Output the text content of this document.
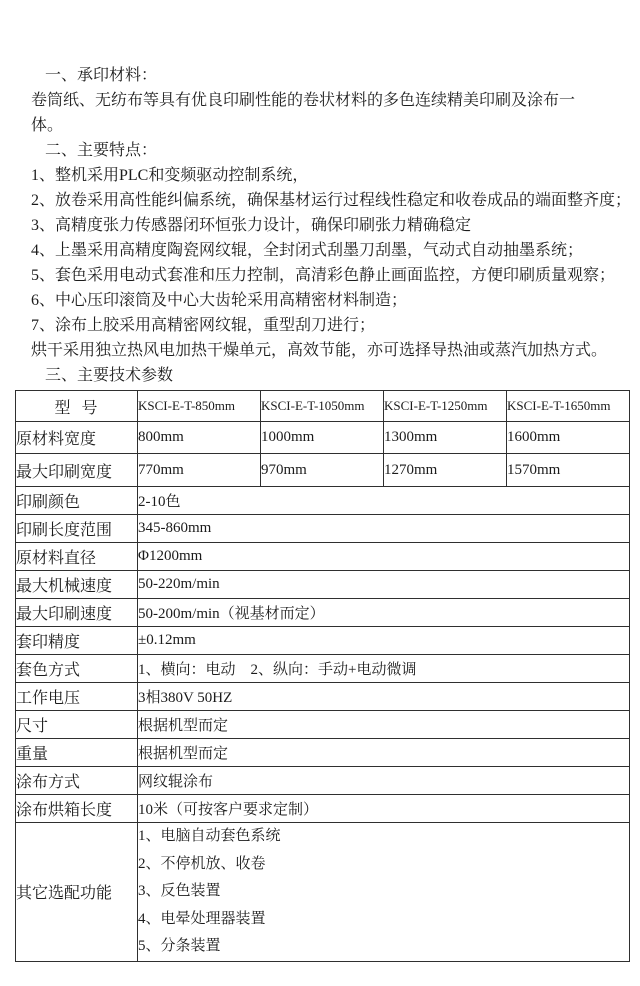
一、承印材料：
卷筒纸、无纺布等具有优良印刷性能的卷状材料的多色连续精美印刷及涂布一
体。
二、主要特点：
1、整机采用PLC和变频驱动控制系统，
2、放卷采用高性能纠偏系统，确保基材运行过程线性稳定和收卷成品的端面整齐度；
3、高精度张力传感器闭环恒张力设计，确保印刷张力精确稳定
4、上墨采用高精度陶瓷网纹辊，全封闭式刮墨刀刮墨，气动式自动抽墨系统；
5、套色采用电动式套准和压力控制，高清彩色静止画面监控，方便印刷质量观察；
6、中心压印滚筒及中心大齿轮采用高精密材料制造；
7、涂布上胶采用高精密网纹辊，重型刮刀进行；
烘干采用独立热风电加热干燥单元，高效节能，亦可选择导热油或蒸汽加热方式。
三、主要技术参数
型  号	KSCI-E-T-850mm	KSCI-E-T-1050mm	KSCI-E-T-1250mm	KSCI-E-T-1650mm
原材料宽度	800mm	1000mm	1300mm	1600mm
最大印刷宽度	770mm	970mm	1270mm	1570mm
印刷颜色	2-10色			
印刷长度范围	345-860mm			
原材料直径	Φ1200mm			
最大机械速度	50-220m/min			
最大印刷速度	50-200m/min（视基材而定）			
套印精度	±0.12mm			
套色方式	1、横向：电动    2、纵向：手动+电动微调			
工作电压	3相380V 50HZ			
尺寸	根据机型而定			
重量	根据机型而定			
涂布方式	网纹辊涂布			
涂布烘箱长度	10米（可按客户要求定制）			
其它选配功能	1、电脑自动套色系统
2、不停机放、收卷
3、反色装置
4、电晕处理器装置
5、分条装置			
